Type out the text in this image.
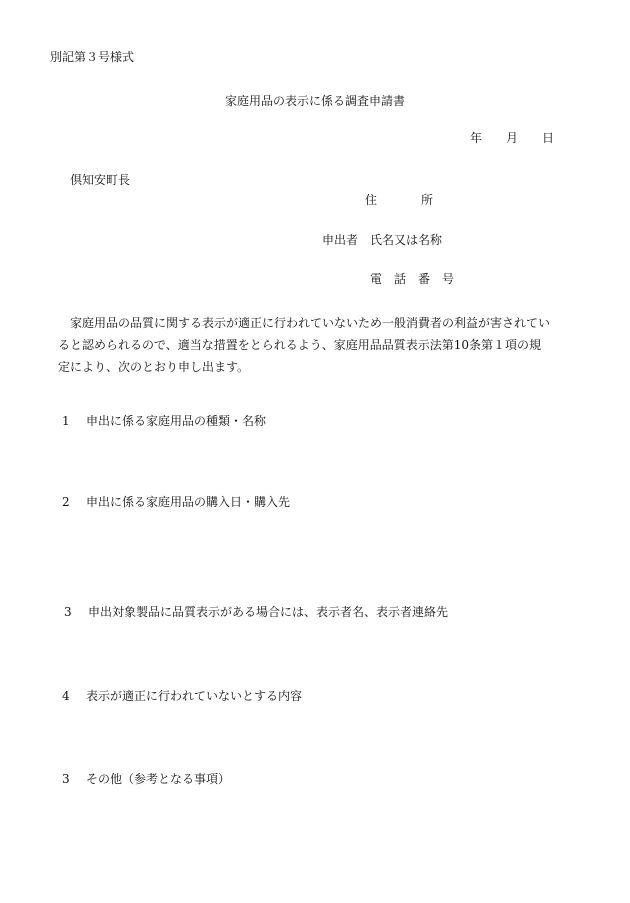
別記第３号様式
家庭用品の表示に係る調査申請書
年 月 日
倶知安町長
住	所
申出者 氏名又は名称
電 話 番 号

　家庭用品の品質に関する表示が適正に行われていないため一般消費者の利益が害されてい

ると認められるので、適当な措置をとられるよう、家庭用品品質表示法第10条第１項の規

定により、次のとおり申し出ます。

1 申出に係る家庭用品の種類・名称
2 申出に係る家庭用品の購入日・購入先
3 申出対象製品に品質表示がある場合には、表示者名、表示者連絡先
4 表示が適正に行われていないとする内容
3 その他（参考となる事項）
